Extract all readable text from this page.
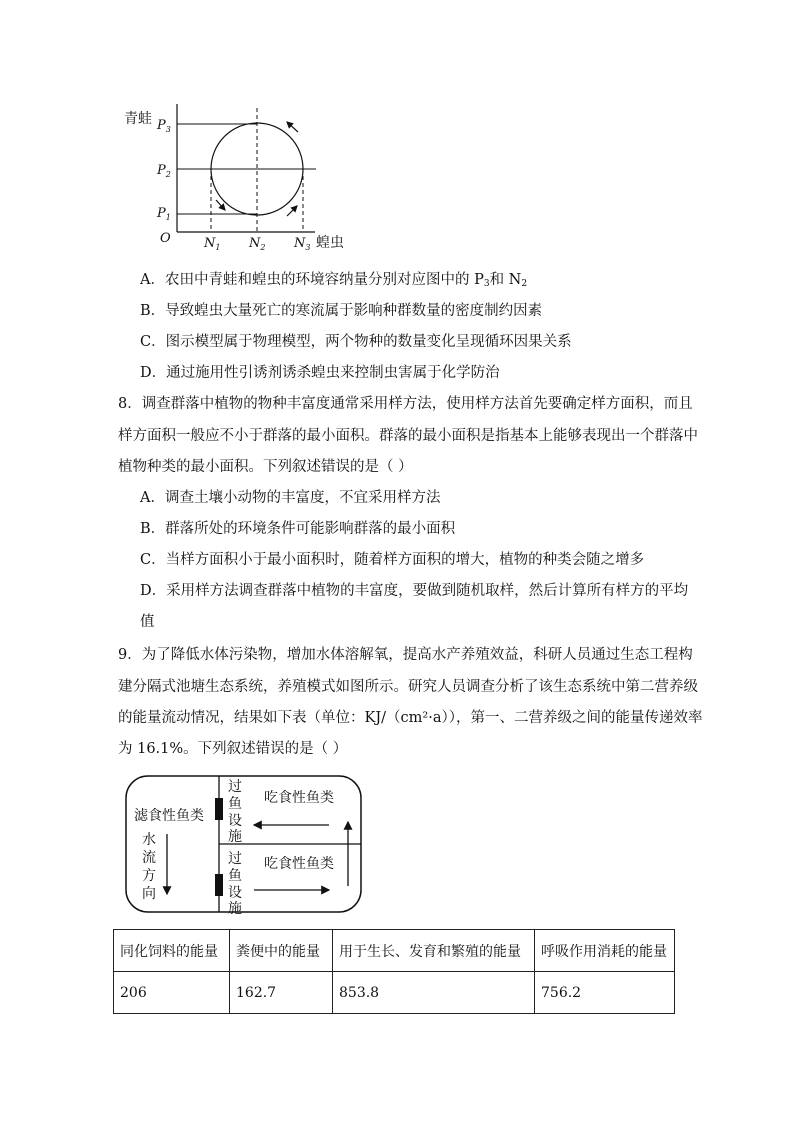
青蛙
蝗虫
O
$P_3$
$P_2$
$P_1$
$N_1$ $N_2$ $N_3$
A．农田中青蛙和蝗虫的环境容纳量分别对应图中的 $P_3$和 $N_2$
B．导致蝗虫大量死亡的寒流属于影响种群数量的密度制约因素
C．图示模型属于物理模型，两个物种的数量变化呈现循环因果关系
D．通过施用性引诱剂诱杀蝗虫来控制虫害属于化学防治
8．调查群落中植物的物种丰富度通常采用样方法，使用样方法首先要确定样方面积，而且
样方面积一般应不小于群落的最小面积。群落的最小面积是指基本上能够表现出一个群落中
植物种类的最小面积。下列叙述错误的是（ ）
A．调查土壤小动物的丰富度，不宜采用样方法
B．群落所处的环境条件可能影响群落的最小面积
C．当样方面积小于最小面积时，随着样方面积的增大，植物的种类会随之增多
D．采用样方法调查群落中植物的丰富度，要做到随机取样，然后计算所有样方的平均
值
9．为了降低水体污染物，增加水体溶解氧，提高水产养殖效益，科研人员通过生态工程构
建分隔式池塘生态系统，养殖模式如图所示。研究人员调查分析了该生态系统中第二营养级
的能量流动情况，结果如下表（单位：KJ/（cm²·a）），第一、二营养级之间的能量传递效率
为 16.1%。下列叙述错误的是（ ）
滤食性鱼类
水
流
方
向
过
鱼
设
施
过
鱼
设
施
吃食性鱼类
吃食性鱼类
同化饲料的能量	粪便中的能量	用于生长、发育和繁殖的能量	呼吸作用消耗的能量
206	162.7	853.8	756.2
